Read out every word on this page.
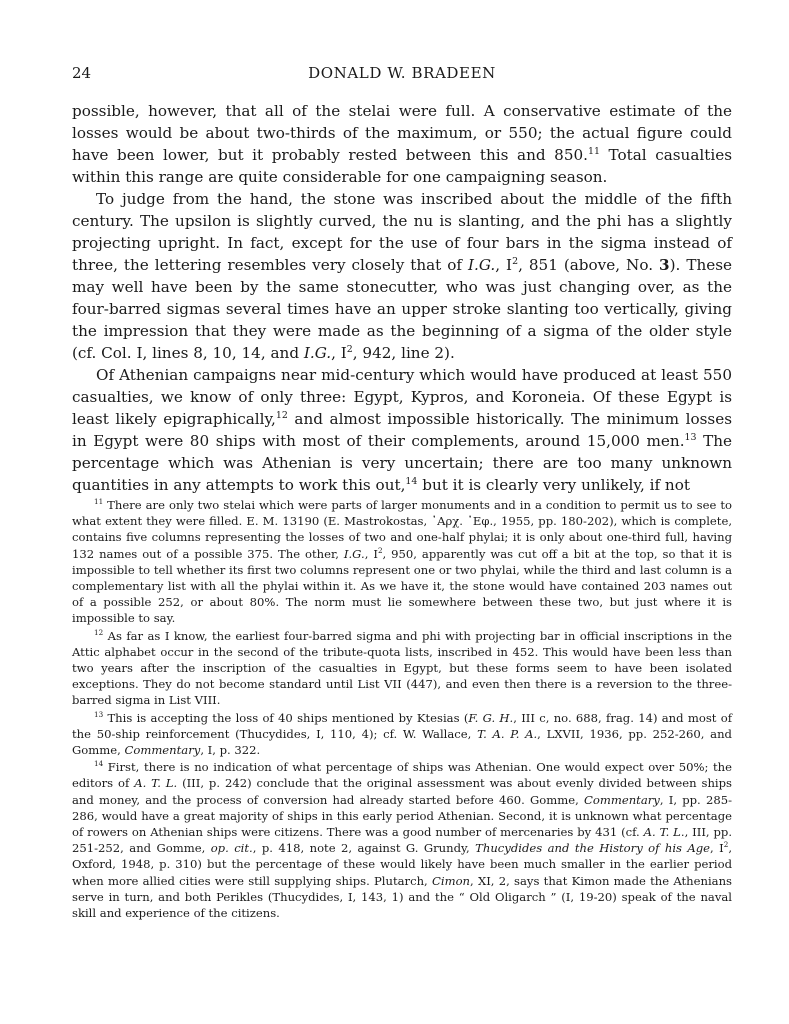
24	DONALD W. BRADEEN

possible, however, that all of the stelai were full. A conservative estimate of the losses would be about two-thirds of the maximum, or 550; the actual figure could have been lower, but it probably rested between this and 850.11 Total casualties within this range are quite considerable for one campaigning season.

To judge from the hand, the stone was inscribed about the middle of the fifth century. The upsilon is slightly curved, the nu is slanting, and the phi has a slightly projecting upright. In fact, except for the use of four bars in the sigma instead of three, the lettering resembles very closely that of I.G., $I^2$, 851 (above, No. 3). These may well have been by the same stonecutter, who was just changing over, as the four-barred sigmas several times have an upper stroke slanting too vertically, giving the impression that they were made as the beginning of a sigma of the older style (cf. Col. I, lines 8, 10, 14, and I.G., $I^2$, 942, line 2).

Of Athenian campaigns near mid-century which would have produced at least 550 casualties, we know of only three: Egypt, Kypros, and Koroneia. Of these Egypt is least likely epigraphically,$^{12}$ and almost impossible historically. The minimum losses in Egypt were 80 ships with most of their complements, around 15,000 men.$^{13}$ The percentage which was Athenian is very uncertain; there are too many unknown quantities in any attempts to work this out,$^{14}$ but it is clearly very unlikely, if not

$^{11}$ There are only two stelai which were parts of larger monuments and in a condition to permit us to see to what extent they were filled. E. M. 13190 (E. Mastrokostas, ᾿Αρχ. ᾿Εφ., 1955, pp. 180-202), which is complete, contains five columns representing the losses of two and one-half phylai; it is only about one-third full, having 132 names out of a possible 375. The other, I.G., $I^2$, 950, apparently was cut off a bit at the top, so that it is impossible to tell whether its first two columns represent one or two phylai, while the third and last column is a complementary list with all the phylai within it. As we have it, the stone would have contained 203 names out of a possible 252, or about 80%. The norm must lie somewhere between these two, but just where it is impossible to say.

$^{12}$ As far as I know, the earliest four-barred sigma and phi with projecting bar in official inscriptions in the Attic alphabet occur in the second of the tribute-quota lists, inscribed in 452. This would have been less than two years after the inscription of the casualties in Egypt, but these forms seem to have been isolated exceptions. They do not become standard until List VII (447), and even then there is a reversion to the three-barred sigma in List VIII.

$^{13}$ This is accepting the loss of 40 ships mentioned by Ktesias (F. G. H., III c, no. 688, frag. 14) and most of the 50-ship reinforcement (Thucydides, I, 110, 4); cf. W. Wallace, T. A. P. A., LXVII, 1936, pp. 252-260, and Gomme, Commentary, I, p. 322.

$^{14}$ First, there is no indication of what percentage of ships was Athenian. One would expect over 50%; the editors of A. T. L. (III, p. 242) conclude that the original assessment was about evenly divided between ships and money, and the process of conversion had already started before 460. Gomme, Commentary, I, pp. 285-286, would have a great majority of ships in this early period Athenian. Second, it is unknown what percentage of rowers on Athenian ships were citizens. There was a good number of mercenaries by 431 (cf. A. T. L., III, pp. 251-252, and Gomme, op. cit., p. 418, note 2, against G. Grundy, Thucydides and the History of his Age, $I^2$, Oxford, 1948, p. 310) but the percentage of these would likely have been much smaller in the earlier period when more allied cities were still supplying ships. Plutarch, Cimon, XI, 2, says that Kimon made the Athenians serve in turn, and both Perikles (Thucydides, I, 143, 1) and the “ Old Oligarch ” (I, 19-20) speak of the naval skill and experience of the citizens.
